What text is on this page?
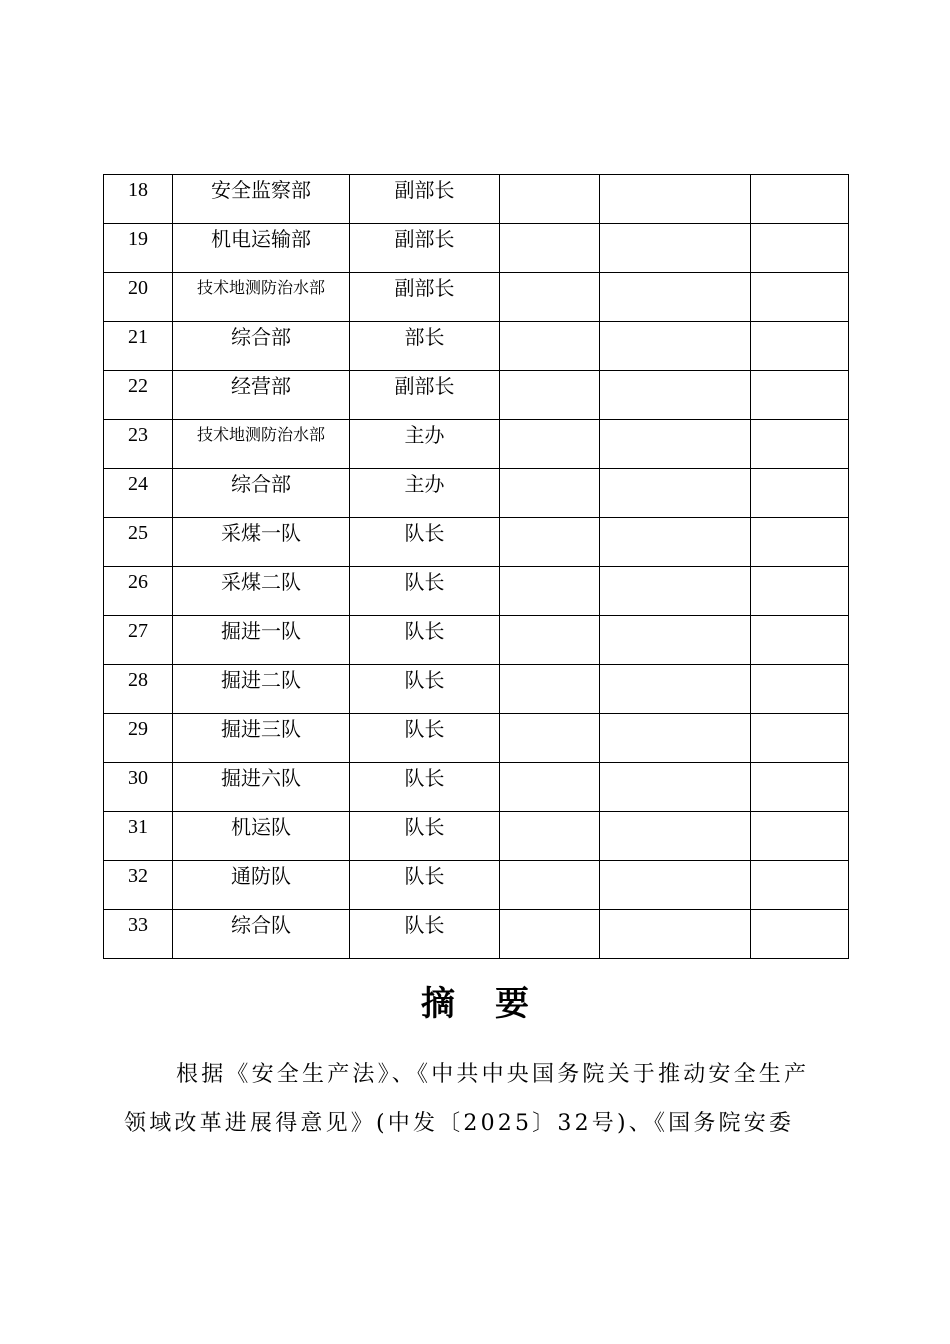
18	安全监察部	副部长			

19	机电运输部	副部长			

20	技术地测防治水部	副部长			

21	综合部	部长			

22	经营部	副部长			

23	技术地测防治水部	主办			

24	综合部	主办			

25	采煤一队	队长			

26	采煤二队	队长			

27	掘进一队	队长			

28	掘进二队	队长			

29	掘进三队	队长			

30	掘进六队	队长			

31	机运队	队长			

32	通防队	队长			

33	综合队	队长			

摘要

根据《安全生产法》、《中共中央国务院关于推动安全生产领域改革进展得意见》(中发〔2025〕32号)、《国务院安委
